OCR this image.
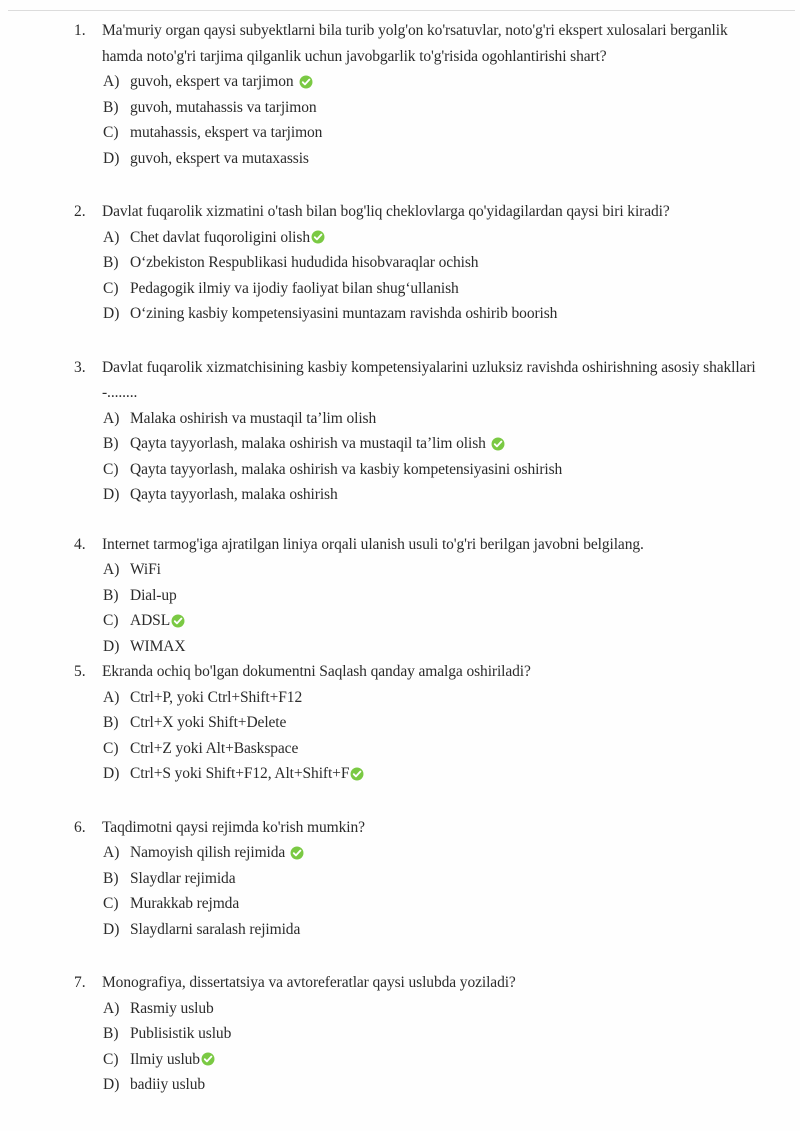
1.	Ma'muriy organ qaysi subyektlarni bila turib yolg'on ko'rsatuvlar, noto'g'ri ekspert xulosalari berganlik hamda noto'g'ri tarjima qilganlik uchun javobgarlik to'g'risida ogohlantirishi shart?
A) guvoh, ekspert va tarjimon
B) guvoh, mutahassis va tarjimon
C) mutahassis, ekspert va tarjimon
D) guvoh, ekspert va mutaxassis
2.	Davlat fuqarolik xizmatini o'tash bilan bog'liq cheklovlarga qo'yidagilardan qaysi biri kiradi?
A) Chet davlat fuqoroligini olish
B) Oʻzbekiston Respublikasi hududida hisobvaraqlar ochish
C) Pedagogik ilmiy va ijodiy faoliyat bilan shugʻullanish
D) Oʻzining kasbiy kompetensiyasini muntazam ravishda oshirib boorish
3.	Davlat fuqarolik xizmatchisining kasbiy kompetensiyalarini uzluksiz ravishda oshirishning asosiy shakllari -........
A) Malaka oshirish va mustaqil ta’lim olish
B) Qayta tayyorlash, malaka oshirish va mustaqil ta’lim olish
C) Qayta tayyorlash, malaka oshirish va kasbiy kompetensiyasini oshirish
D) Qayta tayyorlash, malaka oshirish
4.	Internet tarmog'iga ajratilgan liniya orqali ulanish usuli to'g'ri berilgan javobni belgilang.
A) WiFi
B) Dial-up
C) ADSL
D) WIMAX
5.	Ekranda ochiq bo'lgan dokumentni Saqlash qanday amalga oshiriladi?
A) Ctrl+P, yoki Ctrl+Shift+F12
B) Ctrl+X yoki Shift+Delete
C) Ctrl+Z yoki Alt+Baskspace
D) Ctrl+S yoki Shift+F12, Alt+Shift+F
6.	Taqdimotni qaysi rejimda ko'rish mumkin?
A) Namoyish qilish rejimida
B) Slaydlar rejimida
C) Murakkab rejmda
D) Slaydlarni saralash rejimida
7.	Monografiya, dissertatsiya va avtoreferatlar qaysi uslubda yoziladi?
A) Rasmiy uslub
B) Publisistik uslub
C) Ilmiy uslub
D) badiiy uslub
